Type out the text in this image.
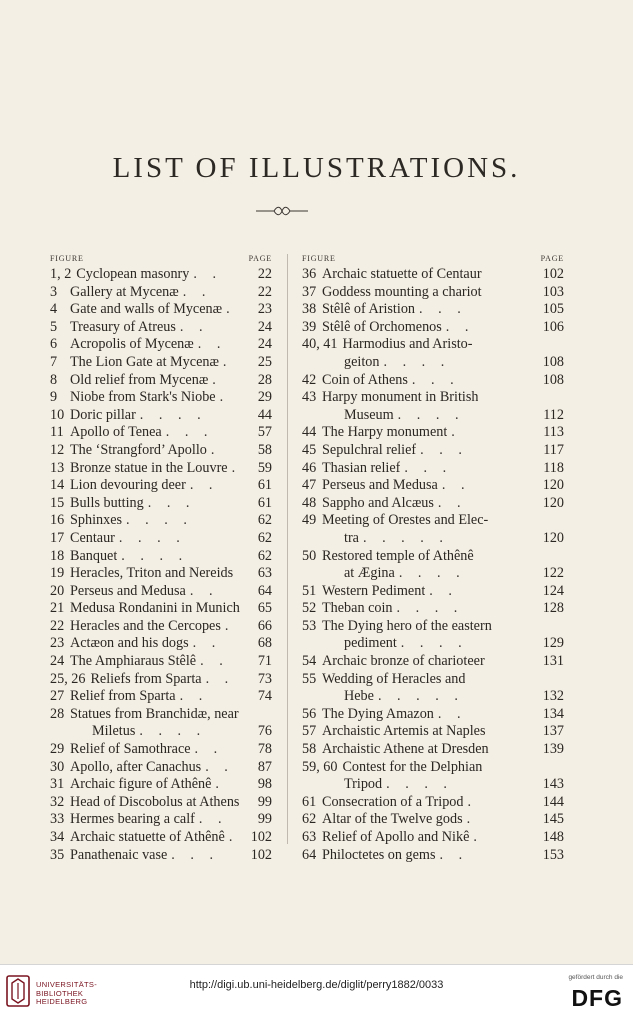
LIST OF ILLUSTRATIONS.
FIGURE	PAGE
1, 2 Cyclopean masonry . .	22
3 Gallery at Mycenæ . .	22
4 Gate and walls of Mycenæ .	23
5 Treasury of Atreus . .	24
6 Acropolis of Mycenæ . .	24
7 The Lion Gate at Mycenæ .	25
8 Old relief from Mycenæ .	28
9 Niobe from Stark's Niobe .	29
10 Doric pillar . . . .	44
11 Apollo of Tenea . . .	57
12 The ‘Strangford’ Apollo .	58
13 Bronze statue in the Louvre .	59
14 Lion devouring deer . .	61
15 Bulls butting . . .	61
16 Sphinxes . . . .	62
17 Centaur . . . .	62
18 Banquet . . . .	62
19 Heracles, Triton and Nereids	63
20 Perseus and Medusa . .	64
21 Medusa Rondanini in Munich	65
22 Heracles and the Cercopes .	66
23 Actæon and his dogs . .	68
24 The Amphiaraus Stêlê . .	71
25, 26 Reliefs from Sparta . .	73
27 Relief from Sparta . .	74
28 Statues from Branchidæ, near
Miletus . . . .	76
29 Relief of Samothrace . .	78
30 Apollo, after Canachus . .	87
31 Archaic figure of Athênê .	98
32 Head of Discobolus at Athens	99
33 Hermes bearing a calf . .	99
34 Archaic statuette of Athênê . 102
35 Panathenaic vase . . .	102
FIGURE	PAGE
36 Archaic statuette of Centaur	102
37 Goddess mounting a chariot	103
38 Stêlê of Aristion . . .	105
39 Stêlê of Orchomenos . .	106
40, 41 Harmodius and Aristo-
geiton . . . .	108
42 Coin of Athens . . .	108
43 Harpy monument in British
Museum . . . .	112
44 The Harpy monument .	113
45 Sepulchral relief . . .	117
46 Thasian relief . . .	118
47 Perseus and Medusa . .	120
48 Sappho and Alcæus . .	120
49 Meeting of Orestes and Elec-
tra . . . . .	120
50 Restored temple of Athênê
at Ægina . . . .	122
51 Western Pediment . .	124
52 Theban coin . . . .	128
53 The Dying hero of the eastern
pediment . . . .	129
54 Archaic bronze of charioteer	131
55 Wedding of Heracles and
Hebe . . . . .	132
56 The Dying Amazon . .	134
57 Archaistic Artemis at Naples	137
58 Archaistic Athene at Dresden	139
59, 60 Contest for the Delphian
Tripod . . . .	143
61 Consecration of a Tripod .	144
62 Altar of the Twelve gods .	145
63 Relief of Apollo and Nikê .	148
64 Philoctetes on gems . .	153
UNIVERSITÄTS-
BIBLIOTHEK
HEIDELBERG
http://digi.ub.uni-heidelberg.de/diglit/perry1882/0033
gefördert durch die
DFG
